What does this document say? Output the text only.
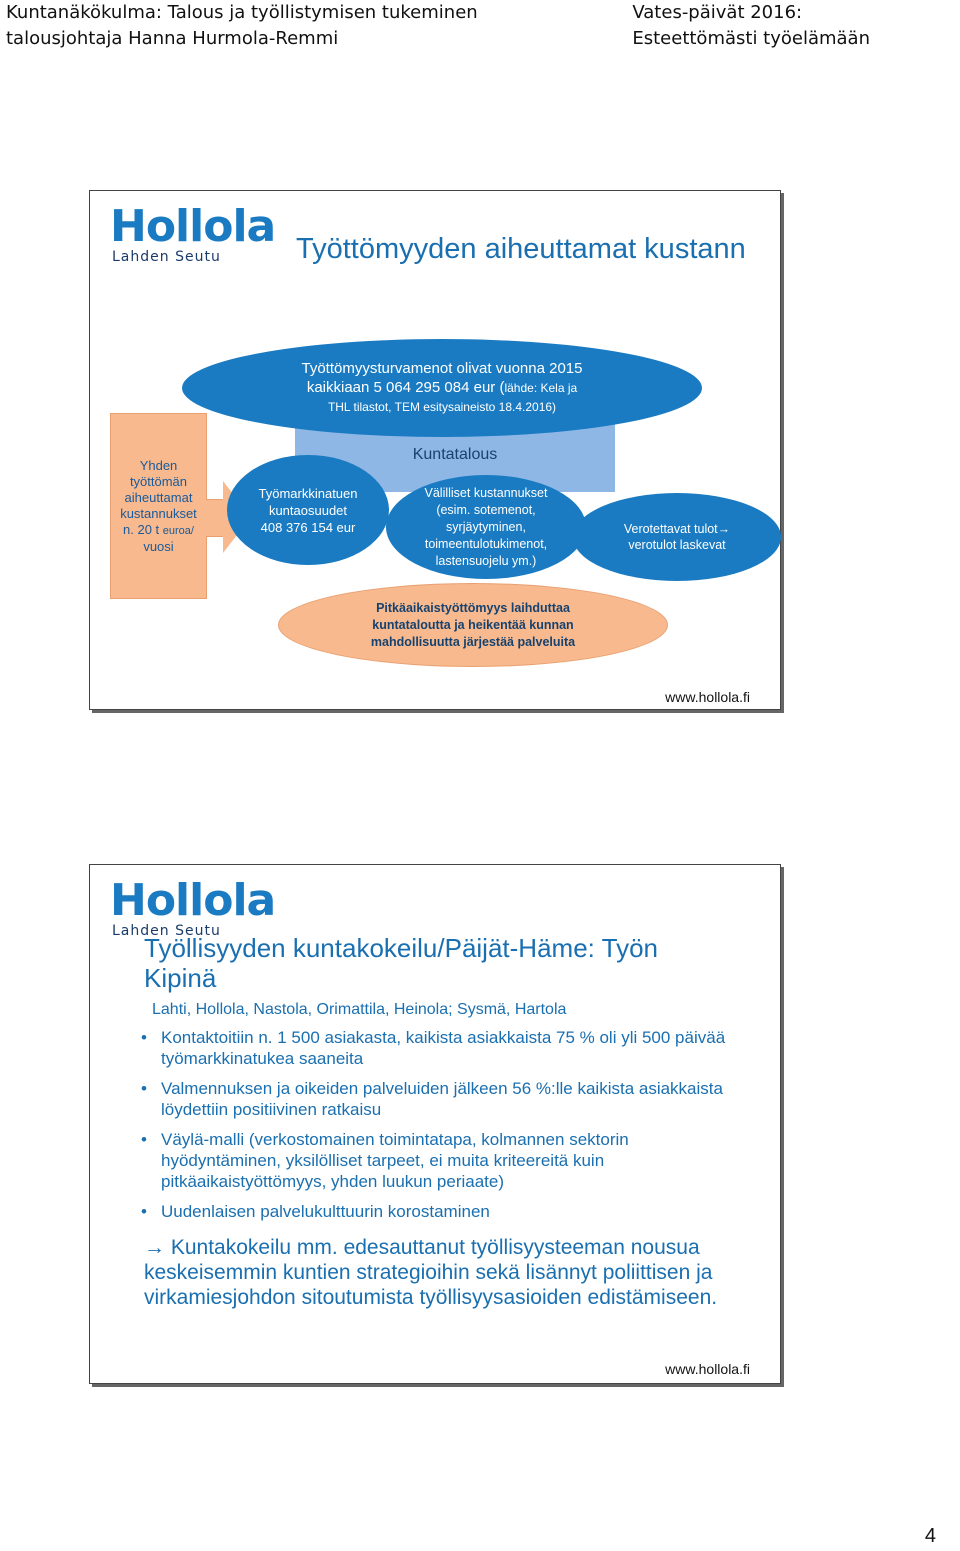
Kuntanäkökulma: Talous ja työllistymisen tukeminen
talousjohtaja Hanna Hurmola-Remmi
Vates-päivät 2016:
Esteettömästi työelämään
Hollola
Lahden Seutu	Työttömyyden aiheuttamat kustann
Kuntatalous
Työttömyysturvamenot olivat vuonna 2015
kaikkiaan 5 064 295 084 eur (lähde: Kela ja
THL tilastot, TEM esitysaineisto 18.4.2016)
Yhden
työttömän
aiheuttamat
kustannukset
n. 20 t euroa/
vuosi
Työmarkkinatuen
kuntaosuudet
408 376 154 eur
Välilliset kustannukset
(esim. sotemenot,
syrjäytyminen,
toimeentulotukimenot,
lastensuojelu ym.)
Verotettavat tulot→
verotulot laskevat
Pitkäaikaistyöttömyys laihduttaa
kuntataloutta ja heikentää kunnan
mahdollisuutta järjestää palveluita
www.hollola.fi
Hollola
Lahden Seutu
Työllisyyden kuntakokeilu/Päijät-Häme: Työn
Kipinä
Lahti, Hollola, Nastola, Orimattila, Heinola; Sysmä, Hartola
• Kontaktoitiin n. 1 500 asiakasta, kaikista asiakkaista 75 % oli yli 500 päivää työmarkkinatukea saaneita
• Valmennuksen ja oikeiden palveluiden jälkeen 56 %:lle kaikista asiakkaista löydettiin positiivinen ratkaisu
• Väylä-malli (verkostomainen toimintatapa, kolmannen sektorin hyödyntäminen, yksilölliset tarpeet, ei muita kriteereitä kuin pitkäaikaistyöttömyys, yhden luukun periaate)
• Uudenlaisen palvelukulttuurin korostaminen
→ Kuntakokeilu mm. edesauttanut työllisyysteeman nousua keskeisemmin kuntien strategioihin sekä lisännyt poliittisen ja virkamiesjohdon sitoutumista työllisyysasioiden edistämiseen.
www.hollola.fi
4
